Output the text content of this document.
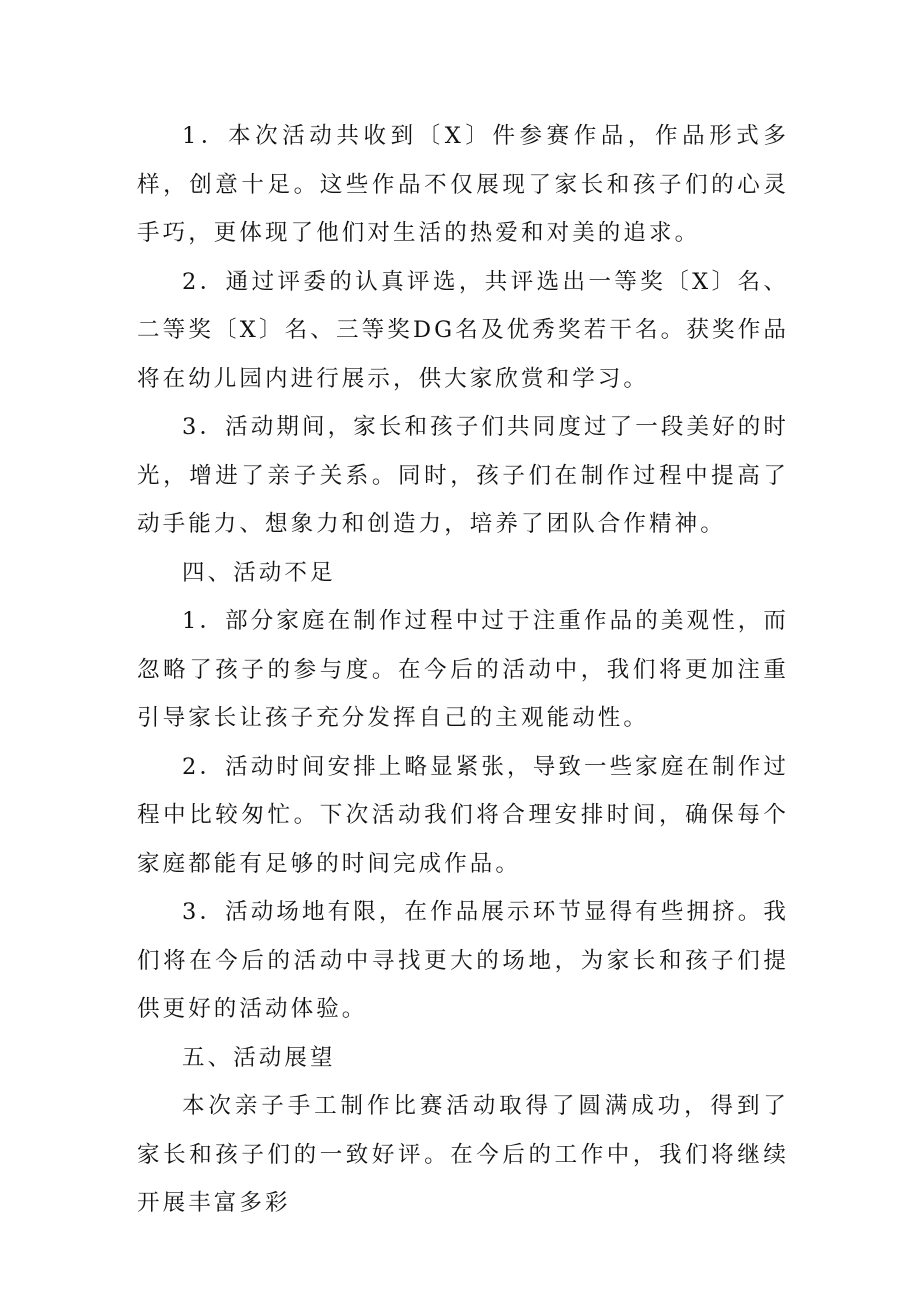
1．本次活动共收到〔X〕件参赛作品，作品形式多样，创意十足。这些作品不仅展现了家长和孩子们的心灵手巧，更体现了他们对生活的热爱和对美的追求。

2．通过评委的认真评选，共评选出一等奖〔X〕名、二等奖〔X〕名、三等奖DG名及优秀奖若干名。获奖作品将在幼儿园内进行展示，供大家欣赏和学习。

3．活动期间，家长和孩子们共同度过了一段美好的时光，增进了亲子关系。同时，孩子们在制作过程中提高了动手能力、想象力和创造力，培养了团队合作精神。

四、活动不足

1．部分家庭在制作过程中过于注重作品的美观性，而忽略了孩子的参与度。在今后的活动中，我们将更加注重引导家长让孩子充分发挥自己的主观能动性。

2．活动时间安排上略显紧张，导致一些家庭在制作过程中比较匆忙。下次活动我们将合理安排时间，确保每个家庭都能有足够的时间完成作品。

3．活动场地有限，在作品展示环节显得有些拥挤。我们将在今后的活动中寻找更大的场地，为家长和孩子们提供更好的活动体验。

五、活动展望

本次亲子手工制作比赛活动取得了圆满成功，得到了家长和孩子们的一致好评。在今后的工作中，我们将继续开展丰富多彩
